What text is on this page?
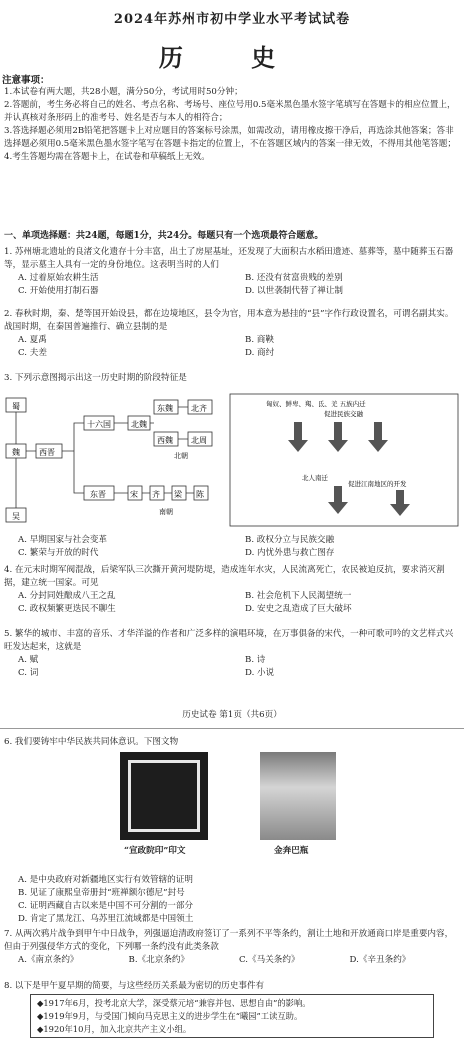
2024年苏州市初中学业水平考试试卷
历 史
注意事项：
1.本试卷有两大题，共28小题，满分50分，考试用时50分钟；
2.答题前，考生务必将自己的姓名、考点名称、考场号、座位号用0.5毫米黑色墨水签字笔填写在答题卡的相应位置上，并认真核对条形码上的准考号、姓名是否与本人的相符合；
3.答选择题必须用2B铅笔把答题卡上对应题目的答案标号涂黑，如需改动，请用橡皮擦干净后，再选涂其他答案；答非选择题必须用0.5毫米黑色墨水签字笔写在答题卡指定的位置上，不在答题区域内的答案一律无效，不得用其他笔答题；
4.考生答题均需在答题卡上，在试卷和草稿纸上无效。
一、单项选择题：共24题，每题1分，共24分。每题只有一个选项最符合题意。

1. 苏州塘北遗址的良渚文化遗存十分丰富，出土了房屋基址，还发现了大面积古水稻田遗迹、墓葬等，墓中随葬玉石器等，显示墓主人具有一定的身份地位。这表明当时的人们

A. 过着原始农耕生活	B. 还没有贫富贵贱的差别
C. 开始使用打制石器	D. 以世袭制代替了禅让制

2. 春秋时期，秦、楚等国开始设县，都在边境地区，县令为官，用本意为悬挂的“县”字作行政设置名，可谓名副其实。战国时期，在秦国普遍推行、确立县制的是

A. 夏禹	B. 商鞅
C. 夫差	D. 商纣

3. 下列示意图揭示出这一历史时期的阶段特征是

蜀
魏
吴
西晋
十六国
东晋
北魏
东魏
西魏
北齐
北周
宋 齐 梁 陈
北朝
南朝
匈奴、鲜卑、羯、氐、羌 五族内迁
促进民族交融
北人南迁
促进江南地区的开发
A. 早期国家与社会变革	B. 政权分立与民族交融
C. 繁荣与开放的时代	D. 内忧外患与救亡图存

4. 在元末时期军阀混战，后梁军队三次撕开黄河堤防堤，造成连年水灾，人民流离死亡，农民被迫反抗，要求消灭割据，建立统一国家。可见

A. 分封同姓酿成八王之乱	B. 社会危机下人民渴望统一
C. 政权频繁更迭民不聊生	D. 安史之乱造成了巨大破坏

5. 繁华的城市、丰富的音乐、才华洋溢的作者和广泛多样的演唱环境，在万事俱备的宋代，一种可歌可吟的文艺样式兴旺发达起来，这就是

A. 赋	B. 诗
C. 词	D. 小说
历史试卷 第1页（共6页）

6. 我们要铸牢中华民族共同体意识。下图文物

“宣政院印”印文	金奔巴瓶
A. 是中央政府对新疆地区实行有效管辖的证明
B. 见证了康熙皇帝册封“班禅额尔德尼”封号
C. 证明西藏自古以来是中国不可分割的一部分
D. 肯定了黑龙江、乌苏里江流域都是中国领土

7. 从两次鸦片战争到甲午中日战争，列强逼迫清政府签订了一系列不平等条约，割让土地和开放通商口岸是重要内容，但由于列强侵华方式的变化，下列哪一条约没有此类条款

A.《南京条约》	B.《北京条约》	C.《马关条约》	D.《辛丑条约》

8. 以下是甲午夏早期的简要，与这些经历关系最为密切的历史事件有

◆1917年6月，投考北京大学，深受蔡元培“兼容并包、思想自由”的影响。
◆1919年9月，与受国门倾向马克思主义的进步学生在“曦园”工读互助。
◆1920年10月，加入北京共产主义小组。
